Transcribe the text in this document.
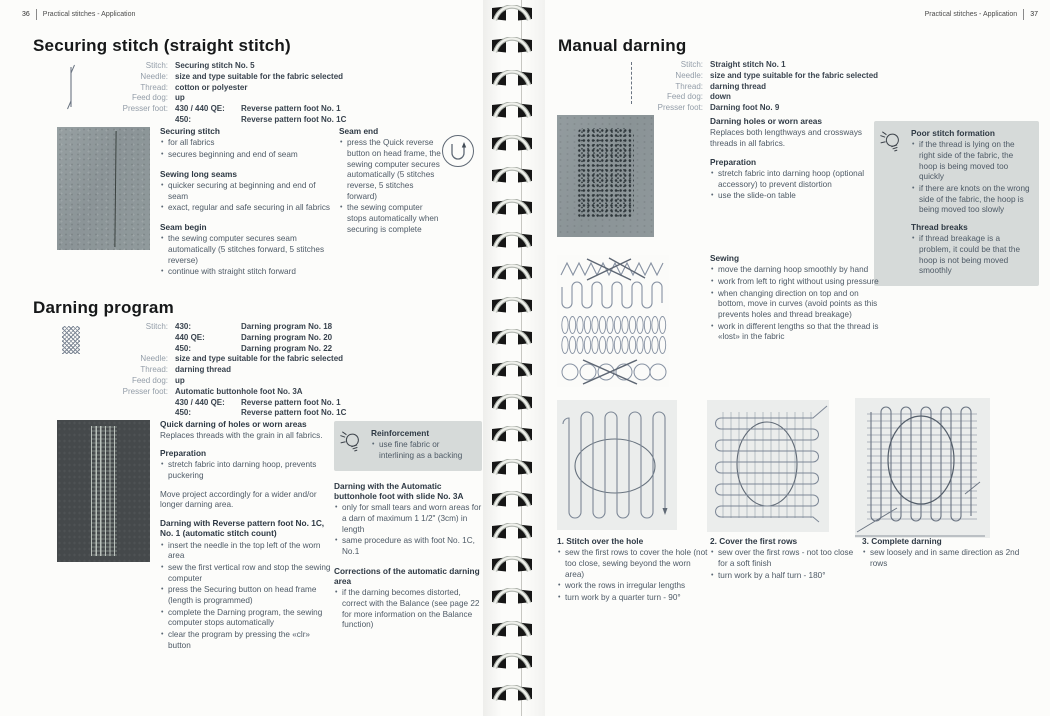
36 Practical stitches - Application
Securing stitch (straight stitch)
Stitch: Securing stitch No. 5
Needle: size and type suitable for the fabric selected
Thread: cotton or polyester
Feed dog: up
Presser foot: 430 / 440 QE:	Reverse pattern foot No. 1
450:	Reverse pattern foot No. 1C
Securing stitch
• for all fabrics
• secures beginning and end of seam
Sewing long seams
• quicker securing at beginning and end of seam
• exact, regular and safe securing in all fabrics
Seam begin
• the sewing computer secures seam automatically (5 stitches forward, 5 stitches reverse)
• continue with straight stitch forward
Seam end
• press the Quick reverse button on head frame, the sewing computer secures automatically (5 stitches reverse, 5 stitches forward)
• the sewing computer stops automatically when securing is complete
Darning program
Stitch: 430:	Darning program No. 18
440 QE:	Darning program No. 20
450:	Darning program No. 22
Needle: size and type suitable for the fabric selected
Thread: darning thread
Feed dog: up
Presser foot: Automatic buttonhole foot No. 3A
430 / 440 QE:	Reverse pattern foot No. 1
450:	Reverse pattern foot No. 1C
Quick darning of holes or worn areas
Replaces threads with the grain in all fabrics.
Preparation
• stretch fabric into darning hoop, prevents puckering
Move project accordingly for a wider and/or longer darning area.
Darning with Reverse pattern foot No. 1C, No. 1 (automatic stitch count)
• insert the needle in the top left of the worn area
• sew the first vertical row and stop the sewing computer
• press the Securing button on head frame (length is programmed)
• complete the Darning program, the sewing computer stops automatically
• clear the program by pressing the «clr» button
Reinforcement
• use fine fabric or interlining as a backing
Darning with the Automatic buttonhole foot with slide No. 3A
• only for small tears and worn areas for a darn of maximum 1 1/2" (3cm) in length
• same procedure as with foot No. 1C, No.1
Corrections of the automatic darning area
• if the darning becomes distorted, correct with the Balance (see page 22 for more information on the Balance function)
Practical stitches - Application 37
Manual darning
Stitch: Straight stitch No. 1
Needle: size and type suitable for the fabric selected
Thread: darning thread
Feed dog: down
Presser foot: Darning foot No. 9
Darning holes or worn areas
Replaces both lengthways and crossways threads in all fabrics.
Preparation
• stretch fabric into darning hoop (optional accessory) to prevent distortion
• use the slide-on table
Poor stitch formation
• if the thread is lying on the right side of the fabric, the hoop is being moved too quickly
• if there are knots on the wrong side of the fabric, the hoop is being moved too slowly
Thread breaks
• if thread breakage is a problem, it could be that the hoop is not being moved smoothly
Sewing
• move the darning hoop smoothly by hand
• work from left to right without using pressure
• when changing direction on top and on bottom, move in curves (avoid points as this prevents holes and thread breakage)
• work in different lengths so that the thread is «lost» in the fabric
1. Stitch over the hole
• sew the first rows to cover the hole (not too close, sewing beyond the worn area)
• work the rows in irregular lengths
• turn work by a quarter turn - 90°
2. Cover the first rows
• sew over the first rows - not too close for a soft finish
• turn work by a half turn - 180°
3. Complete darning
• sew loosely and in same direction as 2nd rows
